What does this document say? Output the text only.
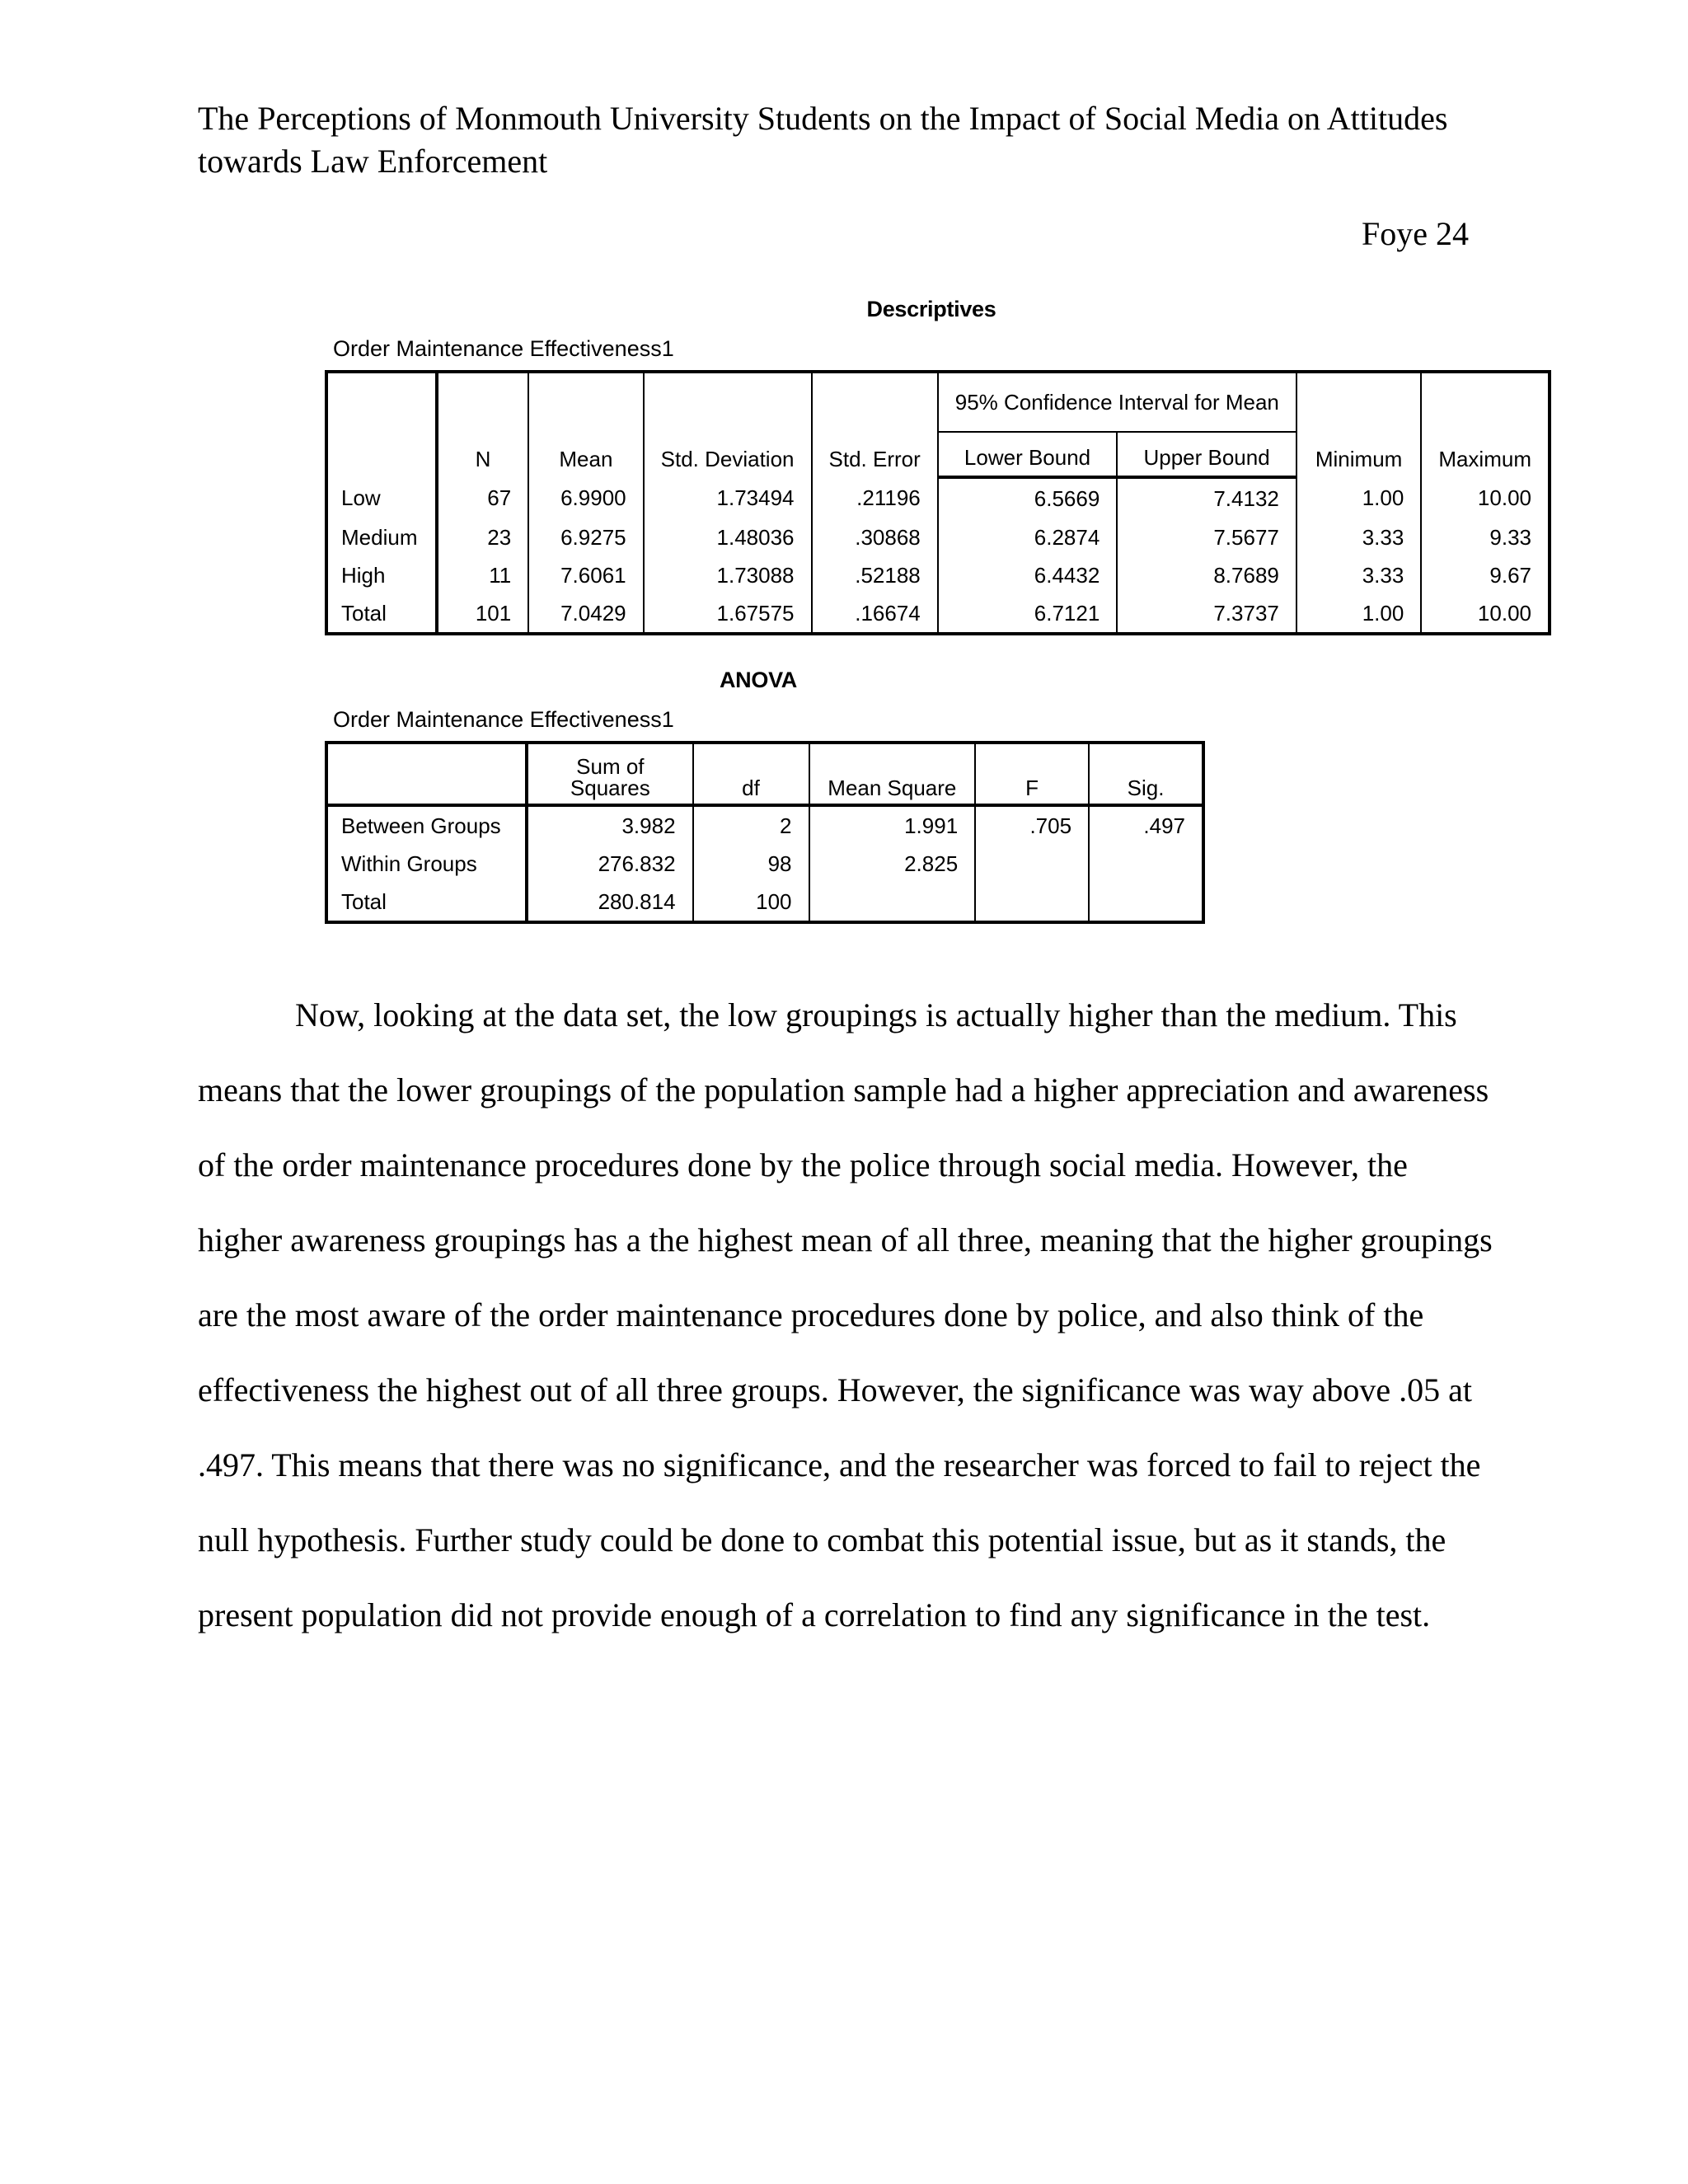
The Perceptions of Monmouth University Students on the Impact of Social Media on Attitudes towards Law Enforcement
Foye 24
Descriptives
Order Maintenance Effectiveness1
	N	Mean	Std. Deviation	Std. Error	95% Confidence Interval for Mean		Minimum	Maximum
					Lower Bound	Upper Bound		
Low	67	6.9900	1.73494	.21196	6.5669	7.4132	1.00	10.00
Medium	23	6.9275	1.48036	.30868	6.2874	7.5677	3.33	9.33
High	11	7.6061	1.73088	.52188	6.4432	8.7689	3.33	9.67
Total	101	7.0429	1.67575	.16674	6.7121	7.3737	1.00	10.00
ANOVA
Order Maintenance Effectiveness1
	Sum of Squares	df	Mean Square	F	Sig.
Between Groups	3.982	2	1.991	.705	.497
Within Groups	276.832	98	2.825		
Total	280.814	100			
Now, looking at the data set, the low groupings is actually higher than the medium. This means that the lower groupings of the population sample had a higher appreciation and awareness of the order maintenance procedures done by the police through social media. However, the higher awareness groupings has a the highest mean of all three, meaning that the higher groupings are the most aware of the order maintenance procedures done by police, and also think of the effectiveness the highest out of all three groups. However, the significance was way above .05 at .497. This means that there was no significance, and the researcher was forced to fail to reject the null hypothesis. Further study could be done to combat this potential issue, but as it stands, the present population did not provide enough of a correlation to find any significance in the test.
